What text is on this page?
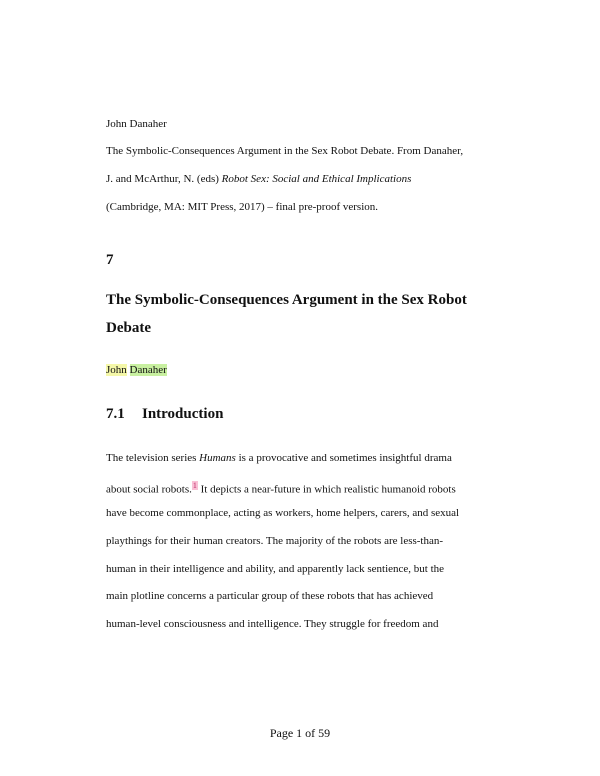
John Danaher
The Symbolic-Consequences Argument in the Sex Robot Debate. From Danaher,
J. and McArthur, N. (eds) Robot Sex: Social and Ethical Implications
(Cambridge, MA: MIT Press, 2017) – final pre-proof version.
7
The Symbolic-Consequences Argument in the Sex Robot
Debate
John Danaher
7.1 Introduction
The television series Humans is a provocative and sometimes insightful drama
about social robots.$^1$ It depicts a near-future in which realistic humanoid robots
have become commonplace, acting as workers, home helpers, carers, and sexual
playthings for their human creators. The majority of the robots are less-than-
human in their intelligence and ability, and apparently lack sentience, but the
main plotline concerns a particular group of these robots that has achieved
human-level consciousness and intelligence. They struggle for freedom and
Page 1 of 59
